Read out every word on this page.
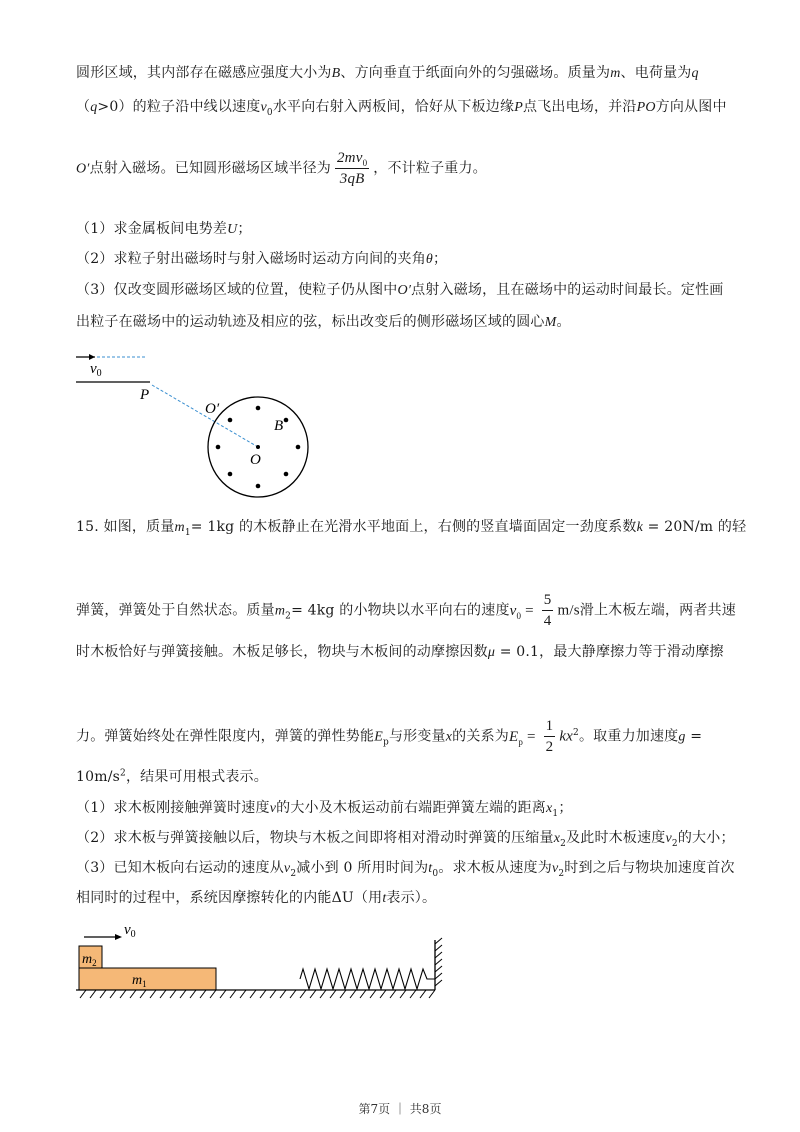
圆形区域，其内部存在磁感应强度大小为B、方向垂直于纸面向外的匀强磁场。质量为m、电荷量为q
（q>0）的粒子沿中线以速度$v_0$水平向右射入两板间，恰好从下板边缘P点飞出电场，并沿PO方向从图中
O′点射入磁场。已知圆形磁场区域半径为 $\frac{2mv_0}{3qB}$ ，不计粒子重力。
（1）求金属板间电势差U；
（2）求粒子射出磁场时与射入磁场时运动方向间的夹角θ；
（3）仅改变圆形磁场区域的位置，使粒子仍从图中O′点射入磁场，且在磁场中的运动时间最长。定性画
出粒子在磁场中的运动轨迹及相应的弦，标出改变后的侧形磁场区域的圆心M。
$v_0$
P
O′
B
O
15. 如图，质量$m_1= 1kg$ 的木板静止在光滑水平地面上，右侧的竖直墙面固定一劲度系数k = 20N/m 的轻
弹簧，弹簧处于自然状态。质量$m_2= 4kg$ 的小物块以水平向右的速度$v_0 = \frac{5}{4} m/s$滑上木板左端，两者共速
时木板恰好与弹簧接触。木板足够长，物块与木板间的动摩擦因数μ = 0.1，最大静摩擦力等于滑动摩擦
力。弹簧始终处在弹性限度内，弹簧的弹性势能$E_p$与形变量x的关系为$E_p = \frac{1}{2} kx^2$。取重力加速度g =
$10m/s^2$，结果可用根式表示。
（1）求木板刚接触弹簧时速度v的大小及木板运动前右端距弹簧左端的距离$x_1$；
（2）求木板与弹簧接触以后，物块与木板之间即将相对滑动时弹簧的压缩量$x_2$及此时木板速度$v_2$的大小；
（3）已知木板向右运动的速度从$v_2$减小到 0 所用时间为$t_0$。求木板从速度为$v_2$时到之后与物块加速度首次
相同时的过程中，系统因摩擦转化的内能ΔU（用t表示）。
$v_0$
$m_2$
$m_1$
第7页 ｜ 共8页
